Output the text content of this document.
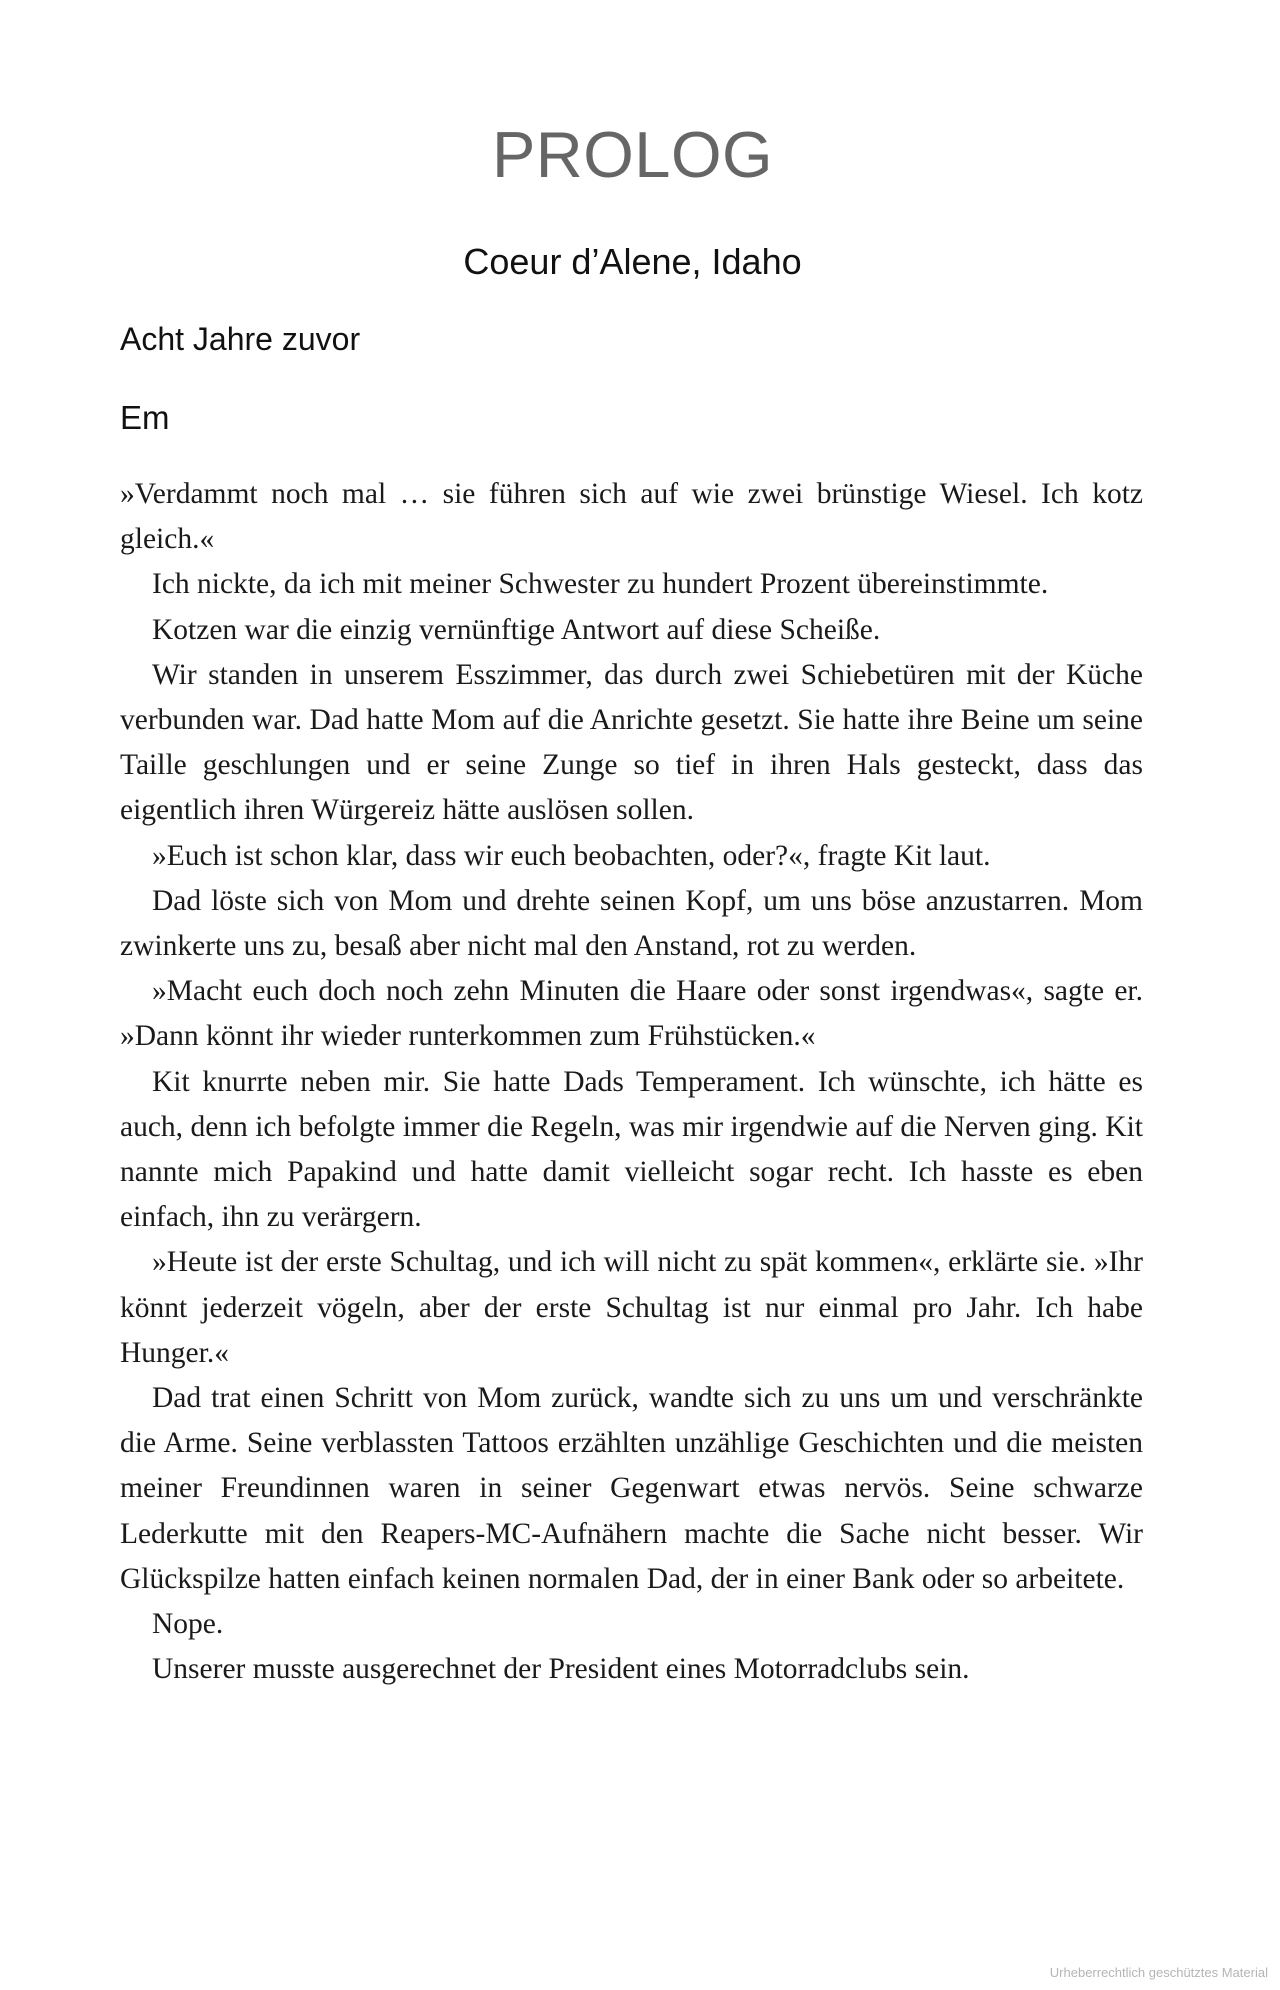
PROLOG
Coeur d’Alene, Idaho
Acht Jahre zuvor
Em

»Verdammt noch mal … sie führen sich auf wie zwei brünstige Wiesel. Ich kotz gleich.«

Ich nickte, da ich mit meiner Schwester zu hundert Prozent übereinstimmte.

Kotzen war die einzig vernünftige Antwort auf diese Scheiße.

Wir standen in unserem Esszimmer, das durch zwei Schiebetüren mit der Küche verbunden war. Dad hatte Mom auf die Anrichte gesetzt. Sie hatte ihre Beine um seine Taille geschlungen und er seine Zunge so tief in ihren Hals gesteckt, dass das eigentlich ihren Würgereiz hätte auslösen sollen.

»Euch ist schon klar, dass wir euch beobachten, oder?«, fragte Kit laut.

Dad löste sich von Mom und drehte seinen Kopf, um uns böse anzustarren. Mom zwinkerte uns zu, besaß aber nicht mal den Anstand, rot zu werden.

»Macht euch doch noch zehn Minuten die Haare oder sonst irgendwas«, sagte er. »Dann könnt ihr wieder runterkommen zum Frühstücken.«

Kit knurrte neben mir. Sie hatte Dads Temperament. Ich wünschte, ich hätte es auch, denn ich befolgte immer die Regeln, was mir irgendwie auf die Nerven ging. Kit nannte mich Papakind und hatte damit vielleicht sogar recht. Ich hasste es eben einfach, ihn zu verärgern.

»Heute ist der erste Schultag, und ich will nicht zu spät kommen«, erklärte sie. »Ihr könnt jederzeit vögeln, aber der erste Schultag ist nur einmal pro Jahr. Ich habe Hunger.«

Dad trat einen Schritt von Mom zurück, wandte sich zu uns um und verschränkte die Arme. Seine verblassten Tattoos erzählten unzählige Geschichten und die meisten meiner Freundinnen waren in seiner Gegenwart etwas nervös. Seine schwarze Lederkutte mit den Reapers-MC-Aufnähern machte die Sache nicht besser. Wir Glückspilze hatten einfach keinen normalen Dad, der in einer Bank oder so arbeitete.

Nope.

Unserer musste ausgerechnet der President eines Motorradclubs sein.

Urheberrechtlich geschütztes Material
